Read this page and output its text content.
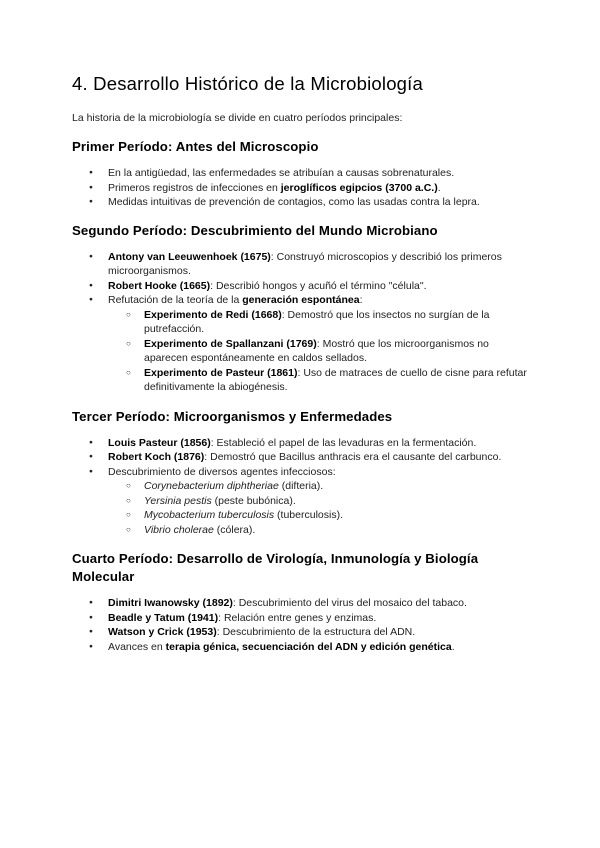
4. Desarrollo Histórico de la Microbiología

La historia de la microbiología se divide en cuatro períodos principales:

Primer Período: Antes del Microscopio
● En la antigüedad, las enfermedades se atribuían a causas sobrenaturales.
● Primeros registros de infecciones en jeroglíficos egipcios (3700 a.C.).
● Medidas intuitivas de prevención de contagios, como las usadas contra la lepra.
Segundo Período: Descubrimiento del Mundo Microbiano
● Antony van Leeuwenhoek (1675): Construyó microscopios y describió los primeros microorganismos.
● Robert Hooke (1665): Describió hongos y acuñó el término "célula".
● Refutación de la teoría de la generación espontánea:
○ Experimento de Redi (1668): Demostró que los insectos no surgían de la putrefacción.
○ Experimento de Spallanzani (1769): Mostró que los microorganismos no aparecen espontáneamente en caldos sellados.
○ Experimento de Pasteur (1861): Uso de matraces de cuello de cisne para refutar definitivamente la abiogénesis.
Tercer Período: Microorganismos y Enfermedades
● Louis Pasteur (1856): Estableció el papel de las levaduras en la fermentación.
● Robert Koch (1876): Demostró que Bacillus anthracis era el causante del carbunco.
● Descubrimiento de diversos agentes infecciosos:
○ Corynebacterium diphtheriae (difteria).
○ Yersinia pestis (peste bubónica).
○ Mycobacterium tuberculosis (tuberculosis).
○ Vibrio cholerae (cólera).
Cuarto Período: Desarrollo de Virología, Inmunología y Biología Molecular
● Dimitri Iwanowsky (1892): Descubrimiento del virus del mosaico del tabaco.
● Beadle y Tatum (1941): Relación entre genes y enzimas.
● Watson y Crick (1953): Descubrimiento de la estructura del ADN.
● Avances en terapia génica, secuenciación del ADN y edición genética.
